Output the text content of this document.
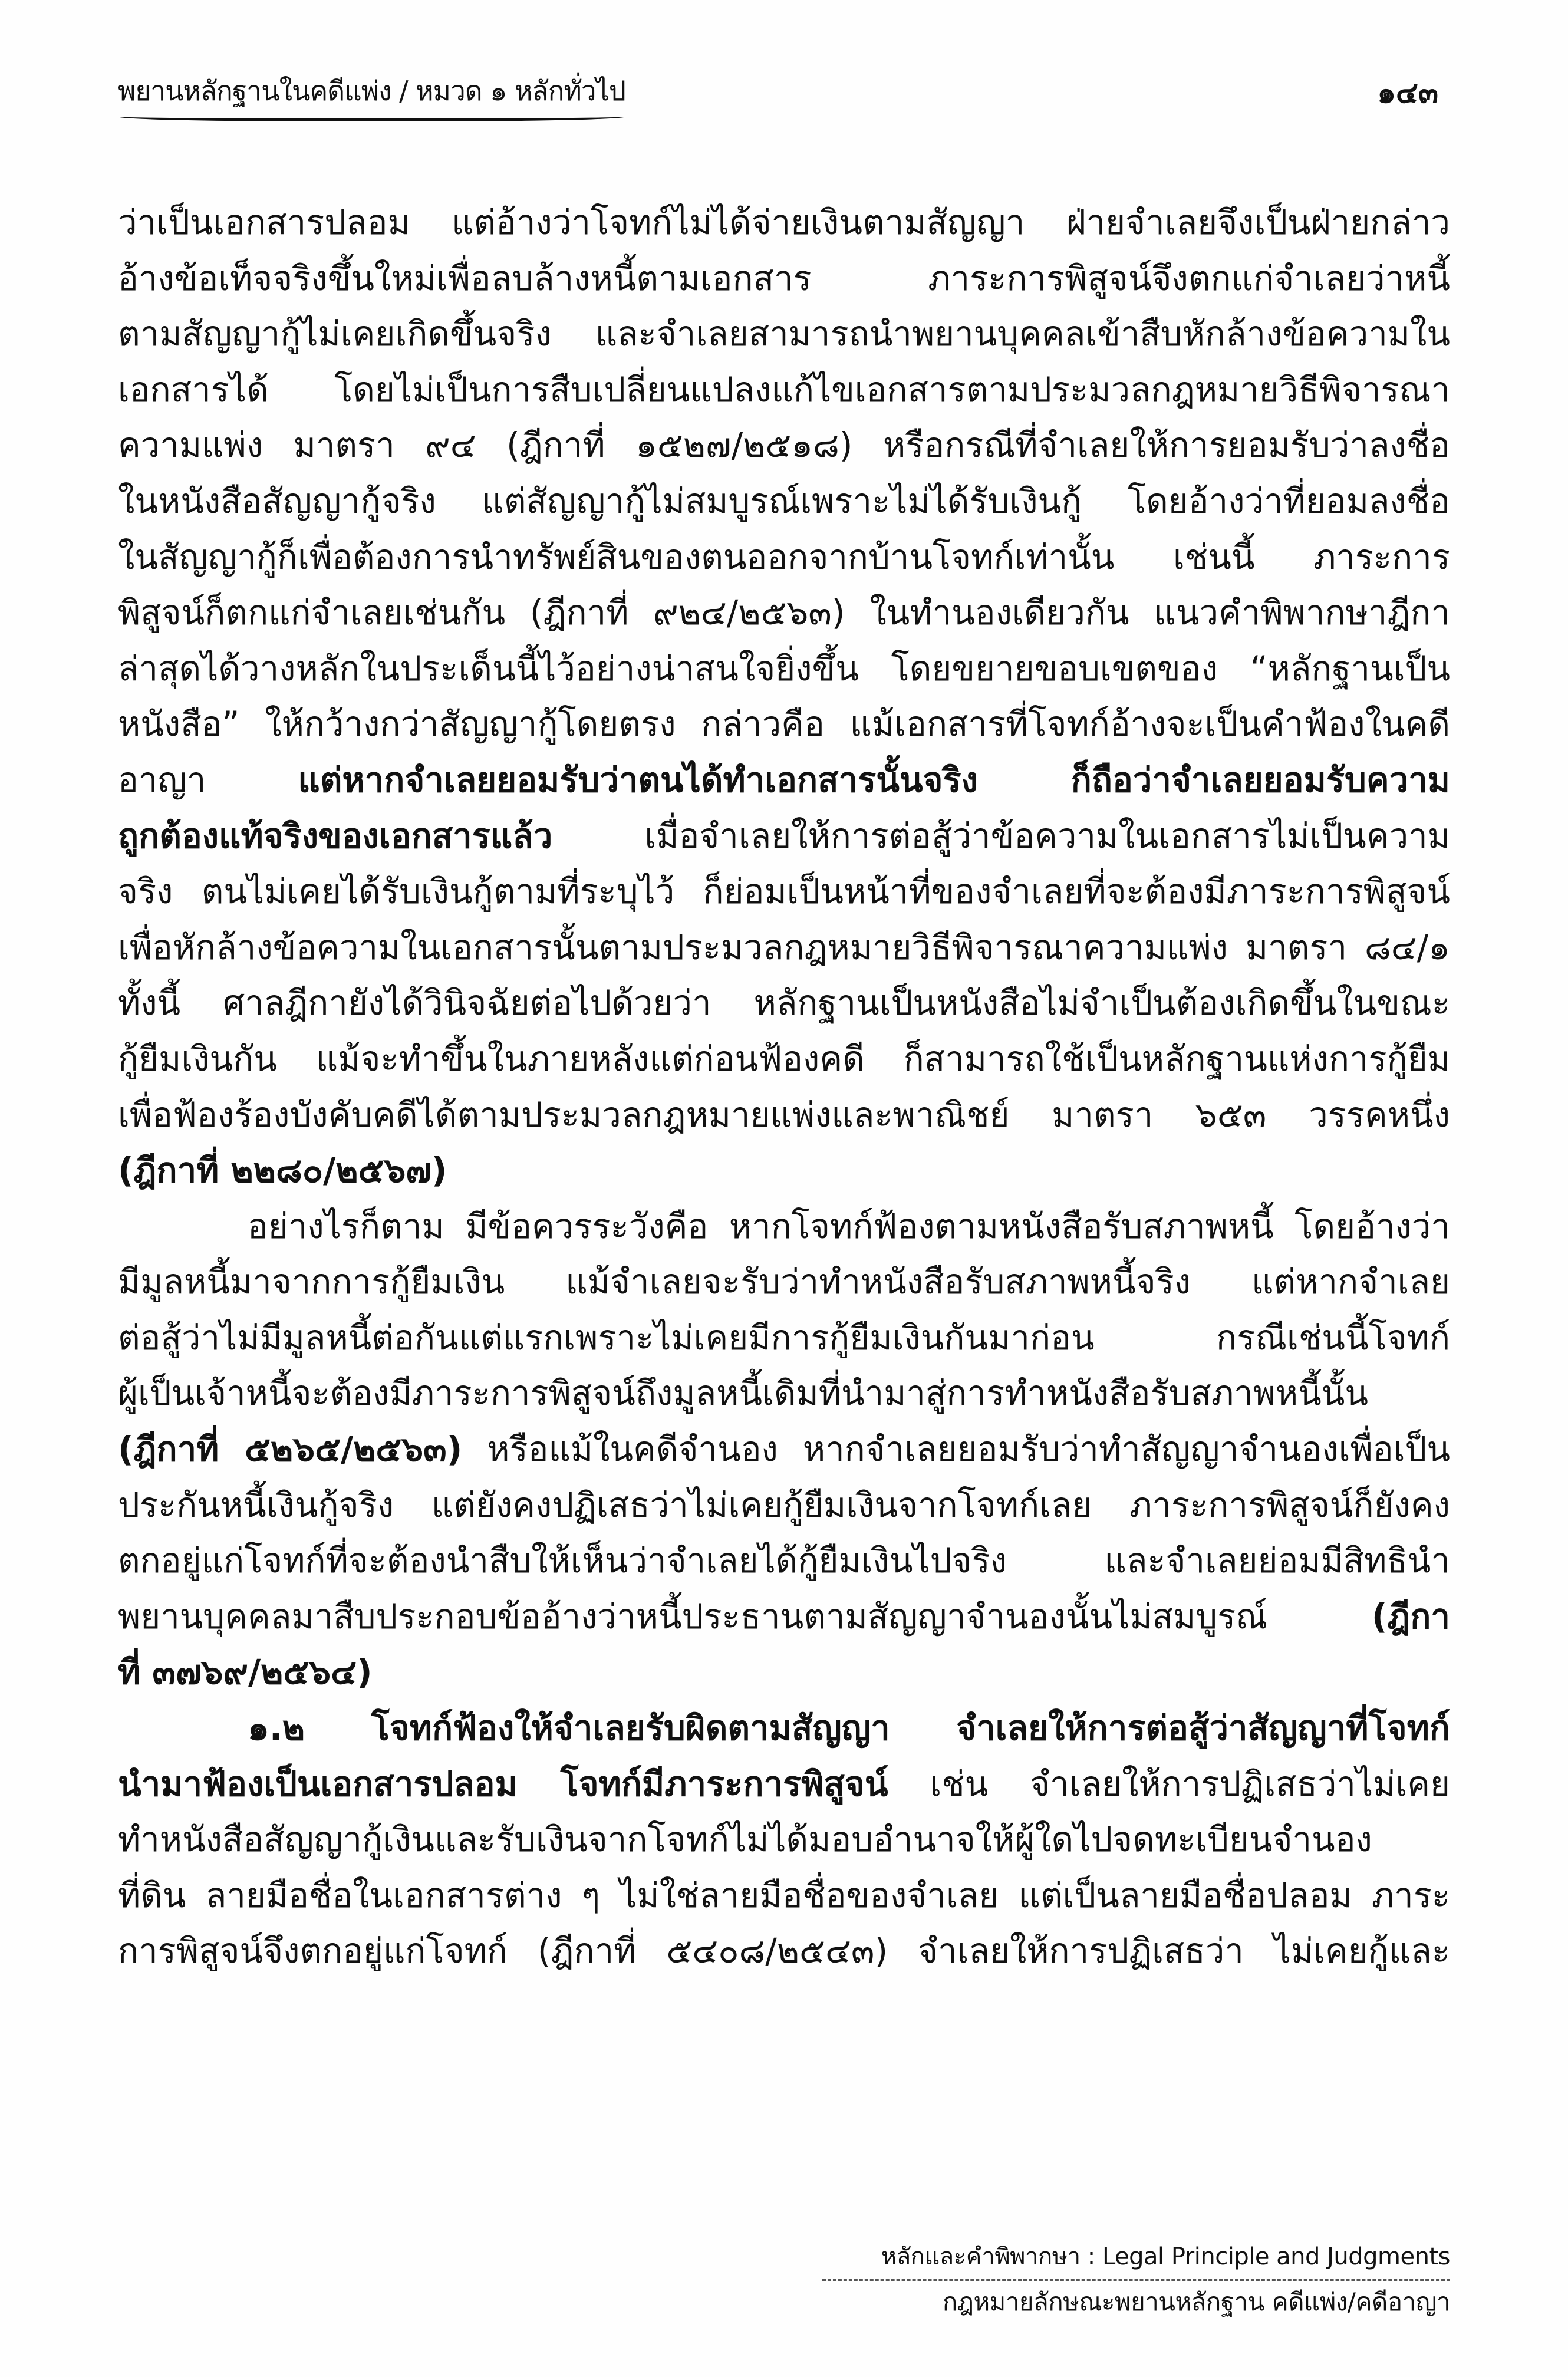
พยานหลักฐานในคดีแพ่ง / หมวด ๑ หลักทั่วไป	๑๔๓
ว่าเป็นเอกสารปลอม แต่อ้างว่าโจทก์ไม่ได้จ่ายเงินตามสัญญา ฝ่ายจำเลยจึงเป็นฝ่ายกล่าว
อ้างข้อเท็จจริงขึ้นใหม่เพื่อลบล้างหนี้ตามเอกสาร ภาระการพิสูจน์จึงตกแก่จำเลยว่าหนี้
ตามสัญญากู้ไม่เคยเกิดขึ้นจริง และจำเลยสามารถนำพยานบุคคลเข้าสืบหักล้างข้อความใน
เอกสารได้ โดยไม่เป็นการสืบเปลี่ยนแปลงแก้ไขเอกสารตามประมวลกฎหมายวิธีพิจารณา
ความแพ่ง มาตรา ๙๔ (ฎีกาที่ ๑๕๒๗/๒๕๑๘) หรือกรณีที่จำเลยให้การยอมรับว่าลงชื่อ
ในหนังสือสัญญากู้จริง แต่สัญญากู้ไม่สมบูรณ์เพราะไม่ได้รับเงินกู้ โดยอ้างว่าที่ยอมลงชื่อ
ในสัญญากู้ก็เพื่อต้องการนำทรัพย์สินของตนออกจากบ้านโจทก์เท่านั้น เช่นนี้ ภาระการ
พิสูจน์ก็ตกแก่จำเลยเช่นกัน (ฎีกาที่ ๙๒๔/๒๕๖๓) ในทำนองเดียวกัน แนวคำพิพากษาฎีกา
ล่าสุดได้วางหลักในประเด็นนี้ไว้อย่างน่าสนใจยิ่งขึ้น โดยขยายขอบเขตของ “หลักฐานเป็น
หนังสือ” ให้กว้างกว่าสัญญากู้โดยตรง กล่าวคือ แม้เอกสารที่โจทก์อ้างจะเป็นคำฟ้องในคดี
อาญา แต่หากจำเลยยอมรับว่าตนได้ทำเอกสารนั้นจริง ก็ถือว่าจำเลยยอมรับความ
ถูกต้องแท้จริงของเอกสารแล้ว เมื่อจำเลยให้การต่อสู้ว่าข้อความในเอกสารไม่เป็นความ
จริง ตนไม่เคยได้รับเงินกู้ตามที่ระบุไว้ ก็ย่อมเป็นหน้าที่ของจำเลยที่จะต้องมีภาระการพิสูจน์
เพื่อหักล้างข้อความในเอกสารนั้นตามประมวลกฎหมายวิธีพิจารณาความแพ่ง มาตรา ๘๔/๑
ทั้งนี้ ศาลฎีกายังได้วินิจฉัยต่อไปด้วยว่า หลักฐานเป็นหนังสือไม่จำเป็นต้องเกิดขึ้นในขณะ
กู้ยืมเงินกัน แม้จะทำขึ้นในภายหลังแต่ก่อนฟ้องคดี ก็สามารถใช้เป็นหลักฐานแห่งการกู้ยืม
เพื่อฟ้องร้องบังคับคดีได้ตามประมวลกฎหมายแพ่งและพาณิชย์ มาตรา ๖๕๓ วรรคหนึ่ง
(ฎีกาที่ ๒๒๘๐/๒๕๖๗)
อย่างไรก็ตาม มีข้อควรระวังคือ หากโจทก์ฟ้องตามหนังสือรับสภาพหนี้ โดยอ้างว่า
มีมูลหนี้มาจากการกู้ยืมเงิน แม้จำเลยจะรับว่าทำหนังสือรับสภาพหนี้จริง แต่หากจำเลย
ต่อสู้ว่าไม่มีมูลหนี้ต่อกันแต่แรกเพราะไม่เคยมีการกู้ยืมเงินกันมาก่อน กรณีเช่นนี้โจทก์
ผู้เป็นเจ้าหนี้จะต้องมีภาระการพิสูจน์ถึงมูลหนี้เดิมที่นำมาสู่การทำหนังสือรับสภาพหนี้นั้น
(ฎีกาที่ ๕๒๖๕/๒๕๖๓) หรือแม้ในคดีจำนอง หากจำเลยยอมรับว่าทำสัญญาจำนองเพื่อเป็น
ประกันหนี้เงินกู้จริง แต่ยังคงปฏิเสธว่าไม่เคยกู้ยืมเงินจากโจทก์เลย ภาระการพิสูจน์ก็ยังคง
ตกอยู่แก่โจทก์ที่จะต้องนำสืบให้เห็นว่าจำเลยได้กู้ยืมเงินไปจริง และจำเลยย่อมมีสิทธินำ
พยานบุคคลมาสืบประกอบข้ออ้างว่าหนี้ประธานตามสัญญาจำนองนั้นไม่สมบูรณ์ (ฎีกา
ที่ ๓๗๖๙/๒๕๖๔)
๑.๒ โจทก์ฟ้องให้จำเลยรับผิดตามสัญญา จำเลยให้การต่อสู้ว่าสัญญาที่โจทก์
นำมาฟ้องเป็นเอกสารปลอม โจทก์มีภาระการพิสูจน์ เช่น จำเลยให้การปฏิเสธว่าไม่เคย
ทำหนังสือสัญญากู้เงินและรับเงินจากโจทก์ไม่ได้มอบอำนาจให้ผู้ใดไปจดทะเบียนจำนอง
ที่ดิน ลายมือชื่อในเอกสารต่าง ๆ ไม่ใช่ลายมือชื่อของจำเลย แต่เป็นลายมือชื่อปลอม ภาระ
การพิสูจน์จึงตกอยู่แก่โจทก์ (ฎีกาที่ ๕๔๐๘/๒๕๔๓) จำเลยให้การปฏิเสธว่า ไม่เคยกู้และ
หลักและคำพิพากษา : Legal Principle and Judgments
กฎหมายลักษณะพยานหลักฐาน คดีแพ่ง/คดีอาญา
